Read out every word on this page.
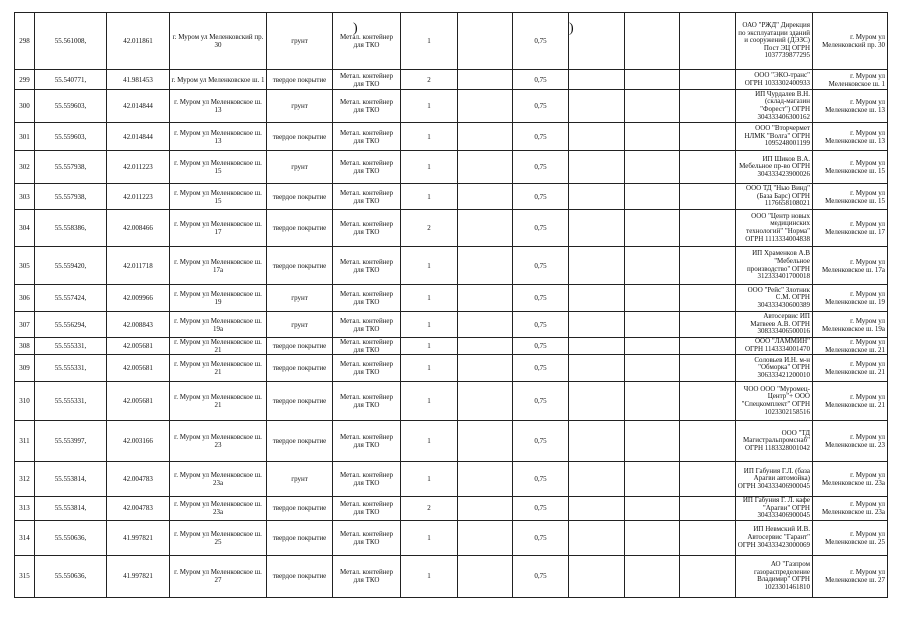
298	55.561008,	42.011861	г. Муром ул Меленковский пр. 30	грунт	Метал. контейнер для ТКО	1		0,75				ОАО "РЖД" Дирекция по эксплуатации зданий и сооружений (ДЭЗС) Пост ЭЦ ОГРН 1037739877295	г. Муром ул Меленковский пр. 30
299	55.540771,	41.981453	г. Муром ул Меленковское ш. 1	твердое покрытие	Метал. контейнер для ТКО	2		0,75				ООО "ЭКО-транс" ОГРН 1033302400933	г. Муром ул Меленковское ш. 1
300	55.559603,	42.014844	г. Муром ул Меленковское ш. 13	грунт	Метал. контейнер для ТКО	1		0,75				ИП Чурдалев В.Н. (склад-магазин "Форест") ОГРН 304333406300162	г. Муром ул Меленковское ш. 13
301	55.559603,	42.014844	г. Муром ул Меленковское ш. 13	твердое покрытие	Метал. контейнер для ТКО	1		0,75				ООО "Вторчермет НЛМК "Волга" ОГРН 1095248001199	г. Муром ул Меленковское ш. 13
302	55.557938,	42.011223	г. Муром ул Меленковское ш. 15	грунт	Метал. контейнер для ТКО	1		0,75				ИП Шиков В.А. Мебельное пр-во ОГРН 304333423900026	г. Муром ул Меленковское ш. 15
303	55.557938,	42.011223	г. Муром ул Меленковское ш. 15	твердое покрытие	Метал. контейнер для ТКО	1		0,75				ООО ТД "Нью Винд" (База Барс) ОГРН 1176658108021	г. Муром ул Меленковское ш. 15
304	55.558386,	42.008466	г. Муром ул Меленковское ш. 17	твердое покрытие	Метал. контейнер для ТКО	2		0,75				ООО "Центр новых медицинских технологий" "Норма" ОГРН 1113334004838	г. Муром ул Меленковское ш. 17
305	55.559420,	42.011718	г. Муром ул Меленковское ш. 17а	твердое покрытие	Метал. контейнер для ТКО	1		0,75				ИП Храменков А.В "Мебельное производство" ОГРН 312333401700018	г. Муром ул Меленковское ш. 17а
306	55.557424,	42.009966	г. Муром ул Меленковское ш. 19	грунт	Метал. контейнер для ТКО	1		0,75				ООО "Рейс" Злотник С.М. ОГРН 304333430600389	г. Муром ул Меленковское ш. 19
307	55.556294,	42.008843	г. Муром ул Меленковское ш. 19а	грунт	Метал. контейнер для ТКО	1		0,75				Автосервис ИП Матвеев А.В. ОГРН 308333406500016	г. Муром ул Меленковское ш. 19а
308	55.555331,	42.005681	г. Муром ул Меленковское ш. 21	твердое покрытие	Метал. контейнер для ТКО	1		0,75				ООО "ЛАММИН" ОГРН 1143334001470	г. Муром ул Меленковское ш. 21
309	55.555331,	42.005681	г. Муром ул Меленковское ш. 21	твердое покрытие	Метал. контейнер для ТКО	1		0,75				Соловьев И.Н. м-н "Обморка" ОГРН 306333421200010	г. Муром ул Меленковское ш. 21
310	55.555331,	42.005681	г. Муром ул Меленковское ш. 21	твердое покрытие	Метал. контейнер для ТКО	1		0,75				ЧОО ООО "Муромец-Центр"+ ООО "Спецкомплект" ОГРН 1023302158516	г. Муром ул Меленковское ш. 21
311	55.553997,	42.003166	г. Муром ул Меленковское ш. 23	твердое покрытие	Метал. контейнер для ТКО	1		0,75				ООО "ТД Магистральпромснаб" ОГРН 1183328001042	г. Муром ул Меленковское ш. 23
312	55.553814,	42.004783	г. Муром ул Меленковское ш. 23а	грунт	Метал. контейнер для ТКО	1		0,75				ИП Габуния Г.Л. (база Арагви автомойка) ОГРН 304333406900045	г. Муром ул Меленковское ш. 23а
313	55.553814,	42.004783	г. Муром ул Меленковское ш. 23а	твердое покрытие	Метал. контейнер для ТКО	2		0,75				ИП Габуния Г. Л. кафе "Арагви" ОГРН 304333406900045	г. Муром ул Меленковское ш. 23а
314	55.550636,	41.997821	г. Муром ул Меленковское ш. 25	твердое покрытие	Метал. контейнер для ТКО	1		0,75				ИП Невмский И.В. Автосервис "Гарант" ОГРН 304333423000069	г. Муром ул Меленковское ш. 25
315	55.550636,	41.997821	г. Муром ул Меленковское ш. 27	твердое покрытие	Метал. контейнер для ТКО	1		0,75				АО "Газпром газораспределение Владимир" ОГРН 1023301461810	г. Муром ул Меленковское ш. 27
)	)
